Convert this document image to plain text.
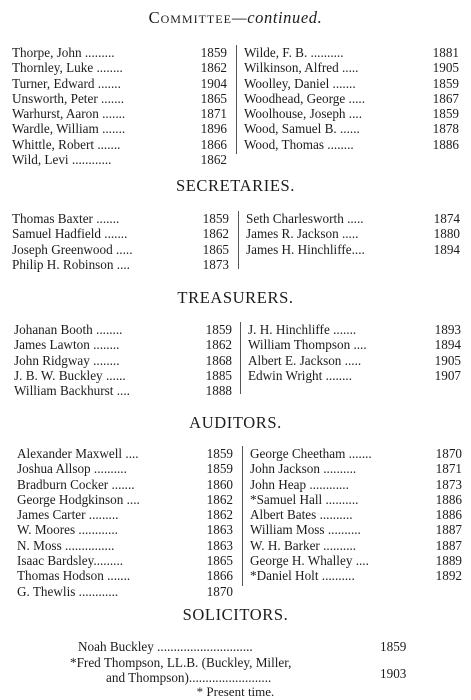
Committee—continued.
Thorpe, John .........	1859
Thornley, Luke ........	1862
Turner, Edward .......	1904
Unsworth, Peter .......	1865
Warhurst, Aaron .......	1871
Wardle, William .......	1896
Whittle, Robert .......	1866
Wild, Levi ............	1862
Wilde, F. B. ..........	1881
Wilkinson, Alfred .....	1905
Woolley, Daniel .......	1859
Woodhead, George .....	1867
Woolhouse, Joseph ....	1859
Wood, Samuel B. ......	1878
Wood, Thomas ........	1886
SECRETARIES.
Thomas Baxter .......	1859
Samuel Hadfield .......	1862
Joseph Greenwood .....	1865
Philip H. Robinson ....	1873
Seth Charlesworth .....	1874
James R. Jackson .....	1880
James H. Hinchliffe....	1894
TREASURERS.
Johanan Booth ........	1859
James Lawton ........	1862
John Ridgway ........	1868
J. B. W. Buckley ......	1885
William Backhurst ....	1888
J. H. Hinchliffe .......	1893
William Thompson ....	1894
Albert E. Jackson .....	1905
Edwin Wright ........	1907
AUDITORS.
Alexander Maxwell ....	1859
Joshua Allsop ..........	1859
Bradburn Cocker .......	1860
George Hodgkinson ....	1862
James Carter .........	1862
W. Moores ............	1863
N. Moss ...............	1863
Isaac Bardsley.........	1865
Thomas Hodson .......	1866
G. Thewlis ............	1870
George Cheetham .......	1870
John Jackson ..........	1871
John Heap ............	1873
*Samuel Hall ..........	1886
Albert Bates ..........	1886
William Moss ..........	1887
W. H. Barker ..........	1887
George H. Whalley ....	1889
*Daniel Holt ..........	1892
SOLICITORS.
Noah Buckley .............................	1859
*Fred Thompson, LL.B. (Buckley, Miller,
and Thompson).........................	1903
* Present time.
